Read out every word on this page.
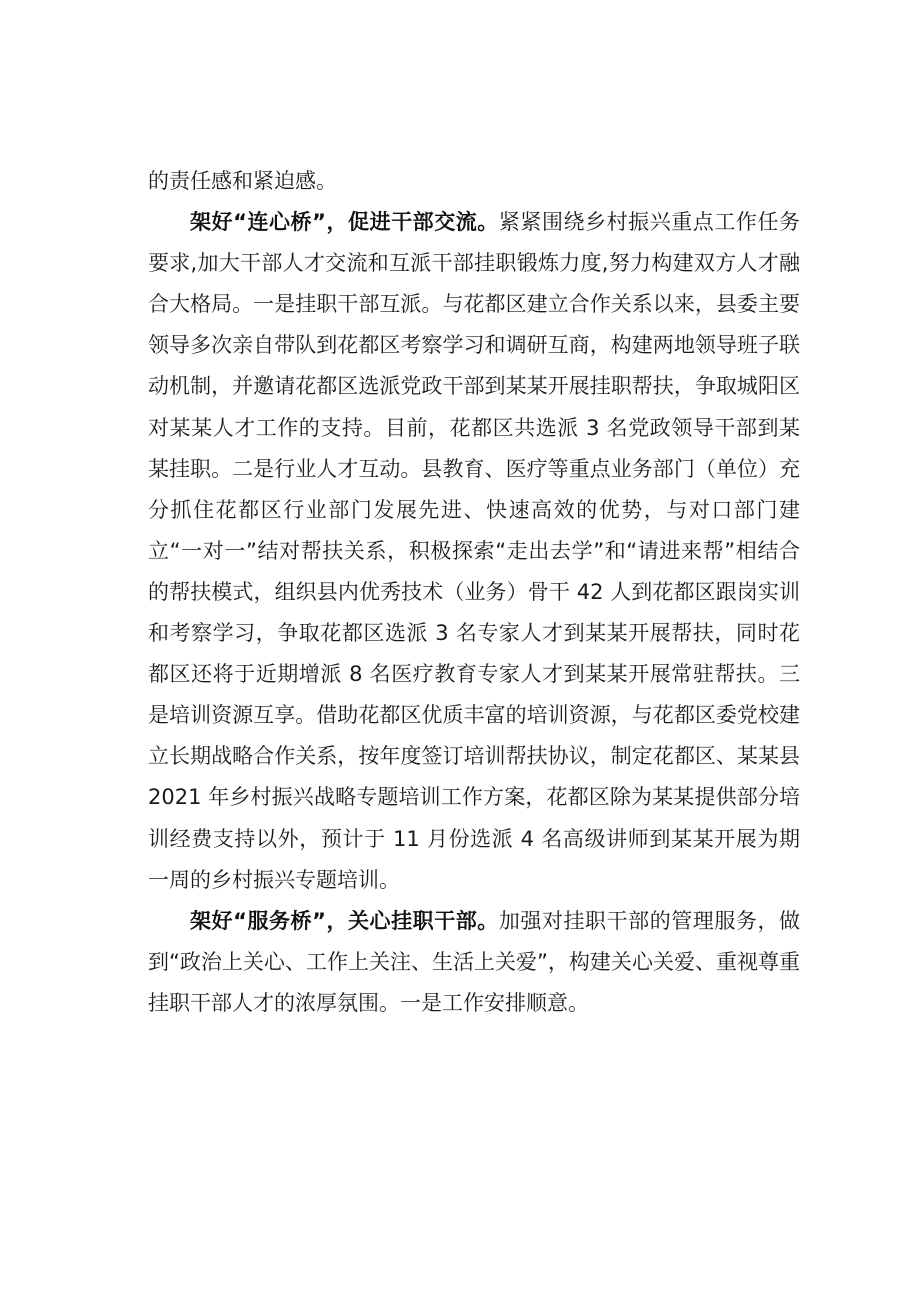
的责任感和紧迫感。

架好“连心桥”，促进干部交流。紧紧围绕乡村振兴重点工作任务要求,加大干部人才交流和互派干部挂职锻炼力度,努力构建双方人才融合大格局。一是挂职干部互派。与花都区建立合作关系以来，县委主要领导多次亲自带队到花都区考察学习和调研互商，构建两地领导班子联动机制，并邀请花都区选派党政干部到某某开展挂职帮扶，争取城阳区对某某人才工作的支持。目前，花都区共选派 3 名党政领导干部到某某挂职。二是行业人才互动。县教育、医疗等重点业务部门（单位）充分抓住花都区行业部门发展先进、快速高效的优势，与对口部门建立“一对一”结对帮扶关系，积极探索“走出去学”和“请进来帮”相结合的帮扶模式，组织县内优秀技术（业务）骨干 42 人到花都区跟岗实训和考察学习，争取花都区选派 3 名专家人才到某某开展帮扶，同时花都区还将于近期增派 8 名医疗教育专家人才到某某开展常驻帮扶。三是培训资源互享。借助花都区优质丰富的培训资源，与花都区委党校建立长期战略合作关系，按年度签订培训帮扶协议，制定花都区、某某县 2021 年乡村振兴战略专题培训工作方案，花都区除为某某提供部分培训经费支持以外，预计于 11 月份选派 4 名高级讲师到某某开展为期一周的乡村振兴专题培训。

架好“服务桥”，关心挂职干部。加强对挂职干部的管理服务，做到“政治上关心、工作上关注、生活上关爱”，构建关心关爱、重视尊重挂职干部人才的浓厚氛围。一是工作安排顺意。
